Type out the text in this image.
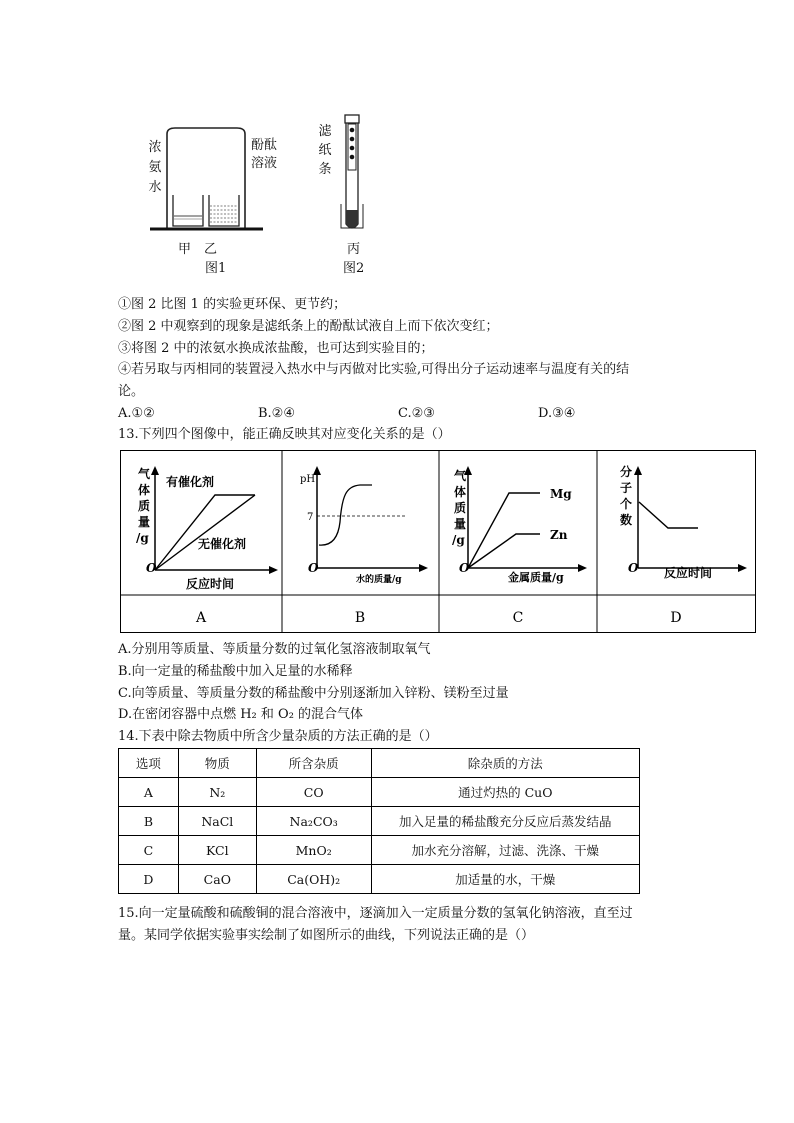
浓
氨
水
酚酞
溶液
甲　乙
图1
滤
纸
条
丙
图2
①图 2 比图 1 的实验更环保、更节约；
②图 2 中观察到的现象是滤纸条上的酚酞试液自上而下依次变红；
③将图 2 中的浓氨水换成浓盐酸，也可达到实验目的；
④若另取与丙相同的装置浸入热水中与丙做对比实验,可得出分子运动速率与温度有关的结
论。
A.①②	B.②④	C.②③	D.③④
13.下列四个图像中，能正确反映其对应变化关系的是（）
气
体
质
量
/g
O
反应时间
有催化剂
无催化剂
pH
7
O
水的质量/g
气
体
质
量
/g
O
金属质量/g
Mg
Zn
分
子
个
数
O 反应时间
A	B	C	D
A.分别用等质量、等质量分数的过氧化氢溶液制取氧气
B.向一定量的稀盐酸中加入足量的水稀释
C.向等质量、等质量分数的稀盐酸中分别逐渐加入锌粉、镁粉至过量
D.在密闭容器中点燃 H₂ 和 O₂ 的混合气体
14.下表中除去物质中所含少量杂质的方法正确的是（）
选项	物质	所含杂质	除杂质的方法
A	N₂	CO	通过灼热的 CuO
B	NaCl	Na₂CO₃	加入足量的稀盐酸充分反应后蒸发结晶
C	KCl	MnO₂	加水充分溶解，过滤、洗涤、干燥
D	CaO	Ca(OH)₂	加适量的水，干燥
15.向一定量硫酸和硫酸铜的混合溶液中，逐滴加入一定质量分数的氢氧化钠溶液，直至过
量。某同学依据实验事实绘制了如图所示的曲线，下列说法正确的是（）
